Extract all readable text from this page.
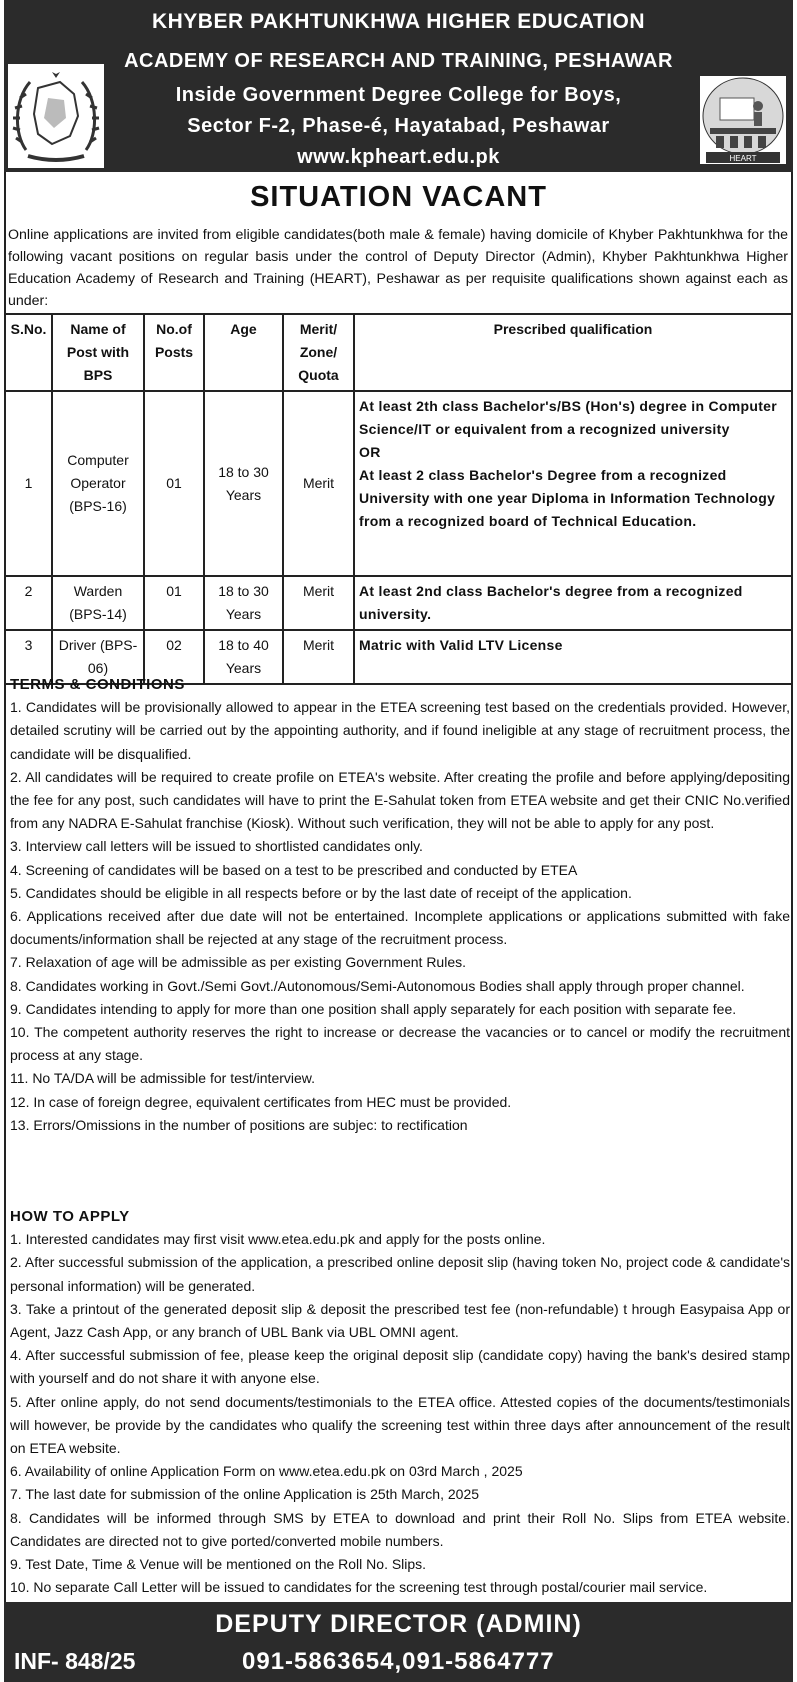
KHYBER PAKHTUNKHWA HIGHER EDUCATION
ACADEMY OF RESEARCH AND TRAINING, PESHAWAR
Inside Government Degree College for Boys,
Sector F-2, Phase-é, Hayatabad, Peshawar
www.kpheart.edu.pk	HEART
SITUATION VACANT
Online applications are invited from eligible candidates(both male & female) having domicile of Khyber Pakhtunkhwa for the following vacant positions on regular basis under the control of Deputy Director (Admin), Khyber Pakhtunkhwa Higher Education Academy of Research and Training (HEART), Peshawar as per requisite qualifications shown against each as under:
S.No.	Name of Post with BPS	No.of Posts	Age	Merit/ Zone/ Quota	Prescribed qualification
1	Computer Operator (BPS-16)	01	18 to 30 Years	Merit	At least 2th class Bachelor's/BS (Hon's) degree in Computer Science/IT or equivalent from a recognized university
OR
At least 2 class Bachelor's Degree from a recognized University with one year Diploma in Information Technology from a recognized board of Technical Education.

2	Warden (BPS-14)	01	18 to 30 Years	Merit	At least 2nd class Bachelor's degree from a recognized university.
3	Driver (BPS-06)	02	18 to 40 Years	Merit	Matric with Valid LTV License
TERMS & CONDITIONS
1. Candidates will be provisionally allowed to appear in the ETEA screening test based on the credentials provided. However, detailed scrutiny will be carried out by the appointing authority, and if found ineligible at any stage of recruitment process, the candidate will be disqualified.
2. All candidates will be required to create profile on ETEA's website. After creating the profile and before applying/depositing the fee for any post, such candidates will have to print the E-Sahulat token from ETEA website and get their CNIC No.verified from any NADRA E-Sahulat franchise (Kiosk). Without such verification, they will not be able to apply for any post.
3. Interview call letters will be issued to shortlisted candidates only.
4. Screening of candidates will be based on a test to be prescribed and conducted by ETEA
5. Candidates should be eligible in all respects before or by the last date of receipt of the application.
6. Applications received after due date will not be entertained. Incomplete applications or applications submitted with fake documents/information shall be rejected at any stage of the recruitment process.
7. Relaxation of age will be admissible as per existing Government Rules.
8. Candidates working in Govt./Semi Govt./Autonomous/Semi-Autonomous Bodies shall apply through proper channel.
9. Candidates intending to apply for more than one position shall apply separately for each position with separate fee.
10. The competent authority reserves the right to increase or decrease the vacancies or to cancel or modify the recruitment process at any stage.
11. No TA/DA will be admissible for test/interview.
12. In case of foreign degree, equivalent certificates from HEC must be provided.
13. Errors/Omissions in the number of positions are subjec: to rectification
HOW TO APPLY
1. Interested candidates may first visit www.etea.edu.pk and apply for the posts online.
2. After successful submission of the application, a prescribed online deposit slip (having token No, project code & candidate's personal information) will be generated.
3. Take a printout of the generated deposit slip & deposit the prescribed test fee (non-refundable) t hrough Easypaisa App or Agent, Jazz Cash App, or any branch of UBL Bank via UBL OMNI agent.
4. After successful submission of fee, please keep the original deposit slip (candidate copy) having the bank's desired stamp with yourself and do not share it with anyone else.
5. After online apply, do not send documents/testimonials to the ETEA office. Attested copies of the documents/testimonials will however, be provide by the candidates who qualify the screening test within three days after announcement of the result on ETEA website.
6. Availability of online Application Form on www.etea.edu.pk on 03rd March , 2025
7. The last date for submission of the online Application is 25th March, 2025
8. Candidates will be informed through SMS by ETEA to download and print their Roll No. Slips from ETEA website. Candidates are directed not to give ported/converted mobile numbers.
9. Test Date, Time & Venue will be mentioned on the Roll No. Slips.
10. No separate Call Letter will be issued to candidates for the screening test through postal/courier mail service.
DEPUTY DIRECTOR (ADMIN)
INF- 848/25	091-5863654,091-5864777
